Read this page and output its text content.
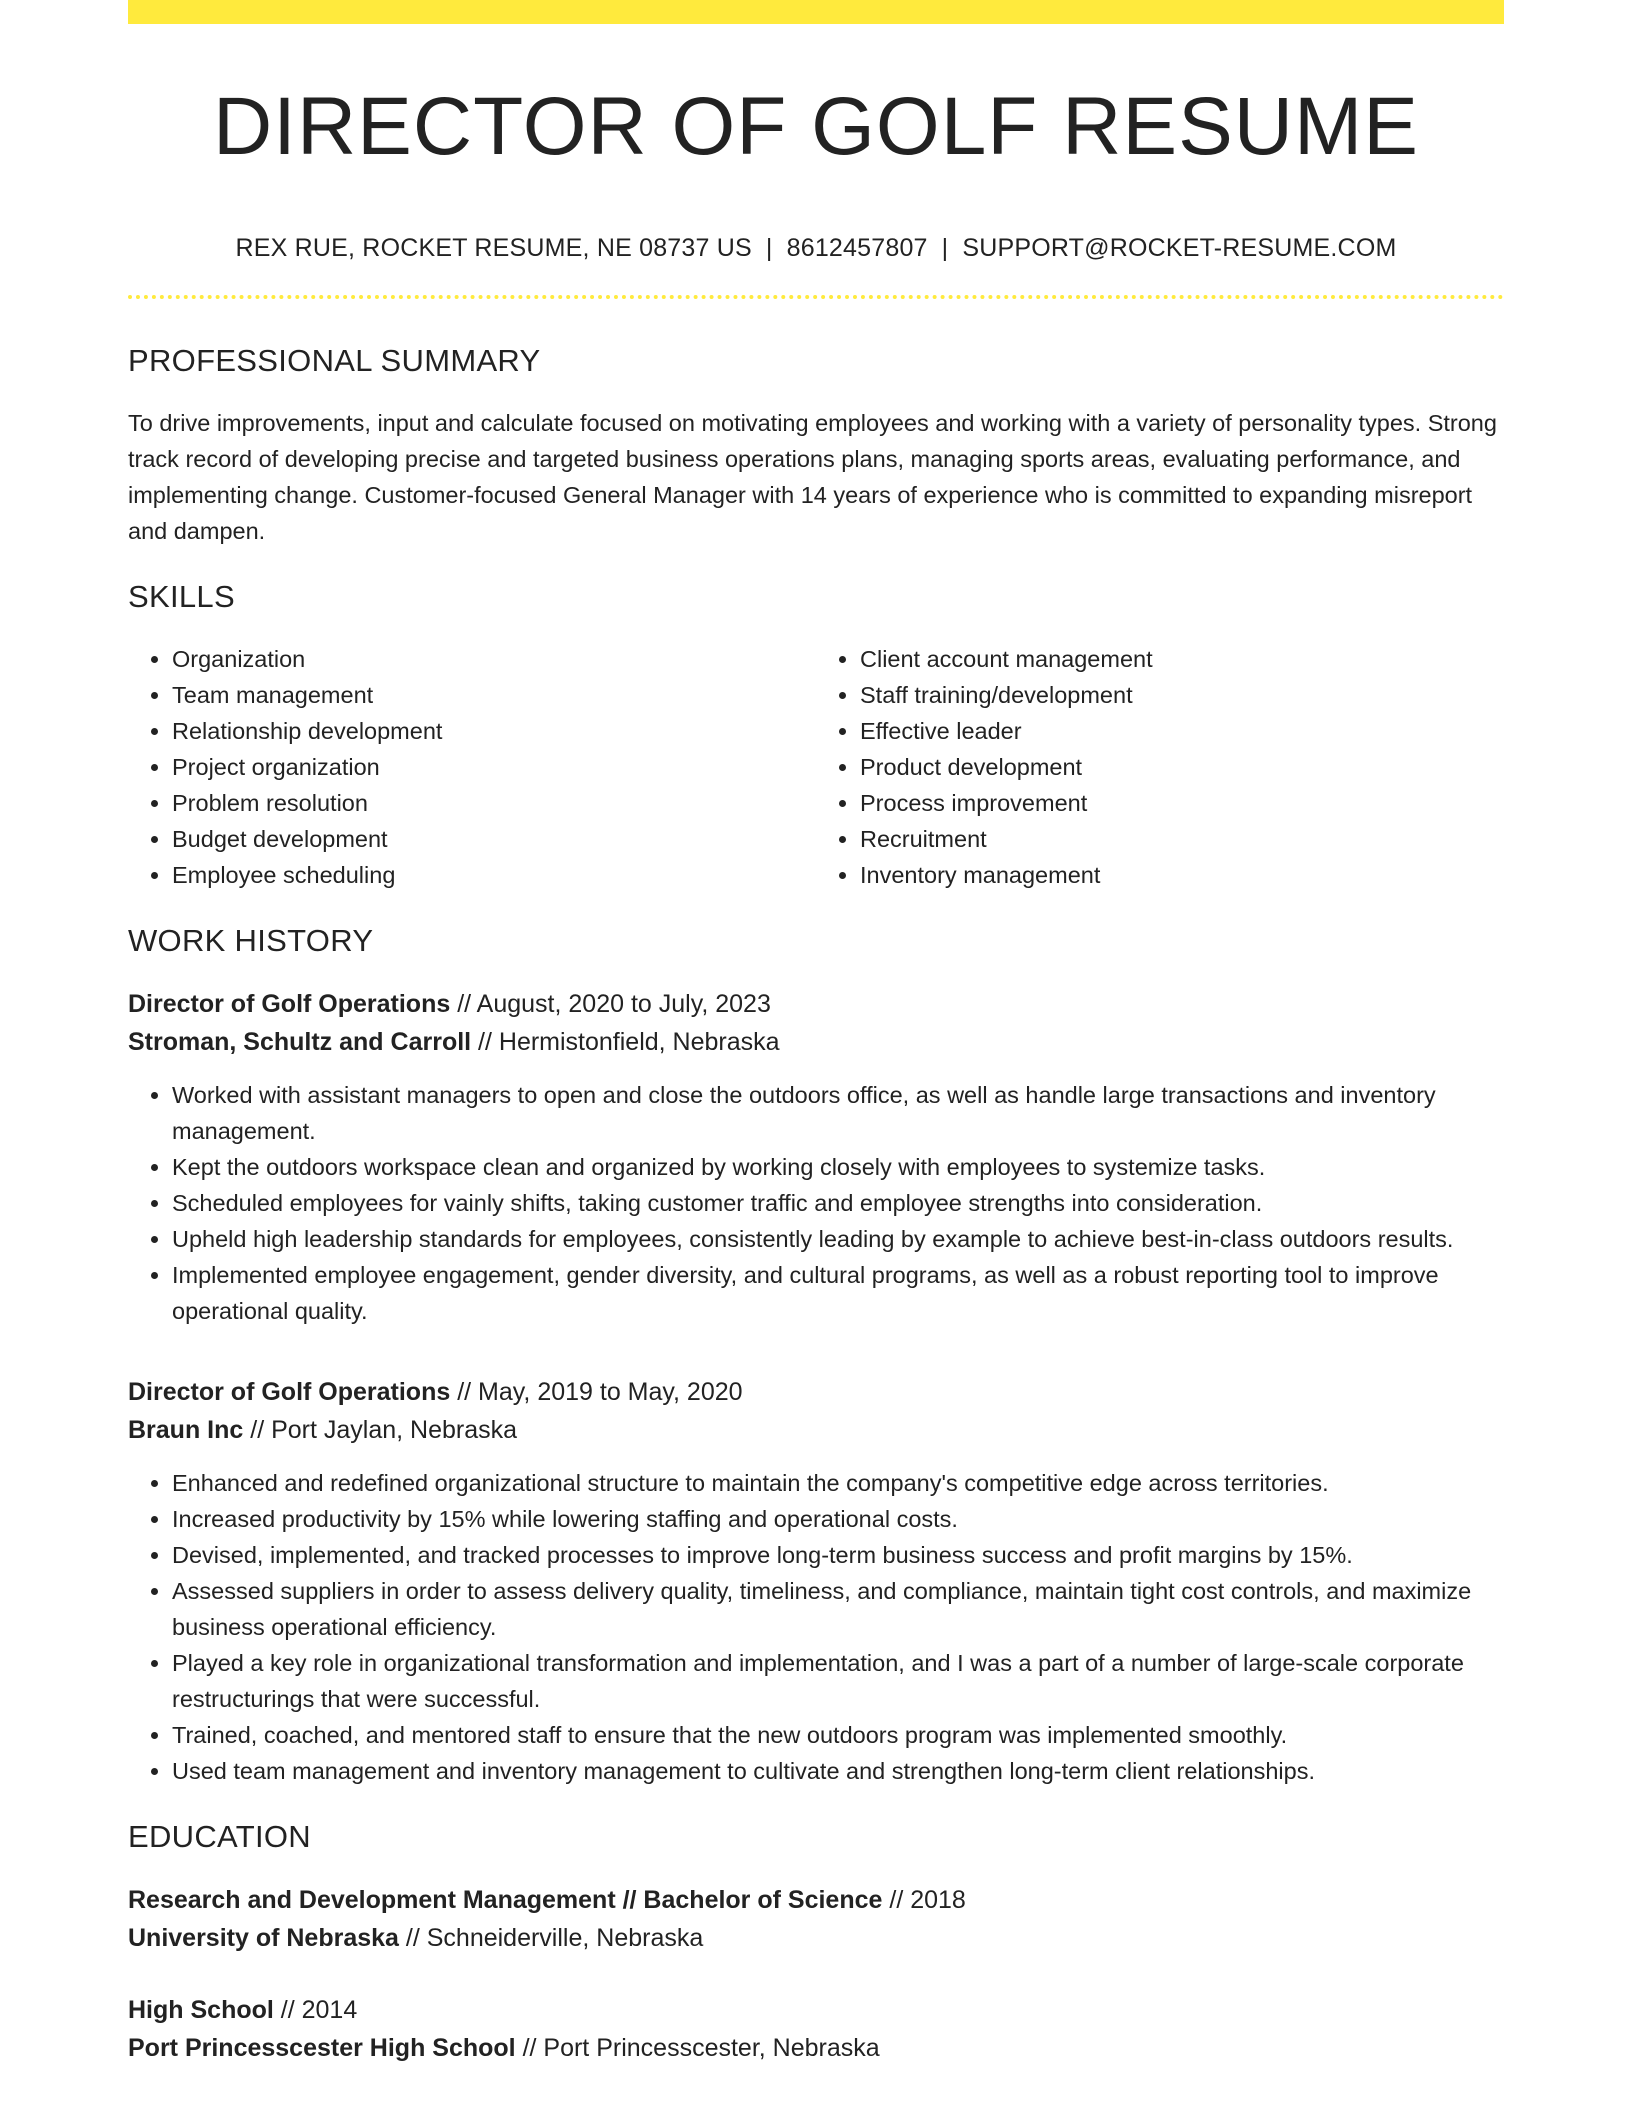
DIRECTOR OF GOLF RESUME
REX RUE, ROCKET RESUME, NE 08737 US | 8612457807 | SUPPORT@ROCKET-RESUME.COM
PROFESSIONAL SUMMARY
To drive improvements, input and calculate focused on motivating employees and working with a variety of personality types. Strong track record of developing precise and targeted business operations plans, managing sports areas, evaluating performance, and implementing change. Customer-focused General Manager with 14 years of experience who is committed to expanding misreport and dampen.
SKILLS
• Organization
• Team management
• Relationship development
• Project organization
• Problem resolution
• Budget development
• Employee scheduling
• Client account management
• Staff training/development
• Effective leader
• Product development
• Process improvement
• Recruitment
• Inventory management
WORK HISTORY
Director of Golf Operations // August, 2020 to July, 2023
Stroman, Schultz and Carroll // Hermistonfield, Nebraska
• Worked with assistant managers to open and close the outdoors office, as well as handle large transactions and inventory management.
• Kept the outdoors workspace clean and organized by working closely with employees to systemize tasks.
• Scheduled employees for vainly shifts, taking customer traffic and employee strengths into consideration.
• Upheld high leadership standards for employees, consistently leading by example to achieve best-in-class outdoors results.
• Implemented employee engagement, gender diversity, and cultural programs, as well as a robust reporting tool to improve operational quality.
Director of Golf Operations // May, 2019 to May, 2020
Braun Inc // Port Jaylan, Nebraska
• Enhanced and redefined organizational structure to maintain the company's competitive edge across territories.
• Increased productivity by 15% while lowering staffing and operational costs.
• Devised, implemented, and tracked processes to improve long-term business success and profit margins by 15%.
• Assessed suppliers in order to assess delivery quality, timeliness, and compliance, maintain tight cost controls, and maximize business operational efficiency.
• Played a key role in organizational transformation and implementation, and I was a part of a number of large-scale corporate restructurings that were successful.
• Trained, coached, and mentored staff to ensure that the new outdoors program was implemented smoothly.
• Used team management and inventory management to cultivate and strengthen long-term client relationships.
EDUCATION
Research and Development Management // Bachelor of Science // 2018
University of Nebraska // Schneiderville, Nebraska
High School // 2014
Port Princesscester High School // Port Princesscester, Nebraska
